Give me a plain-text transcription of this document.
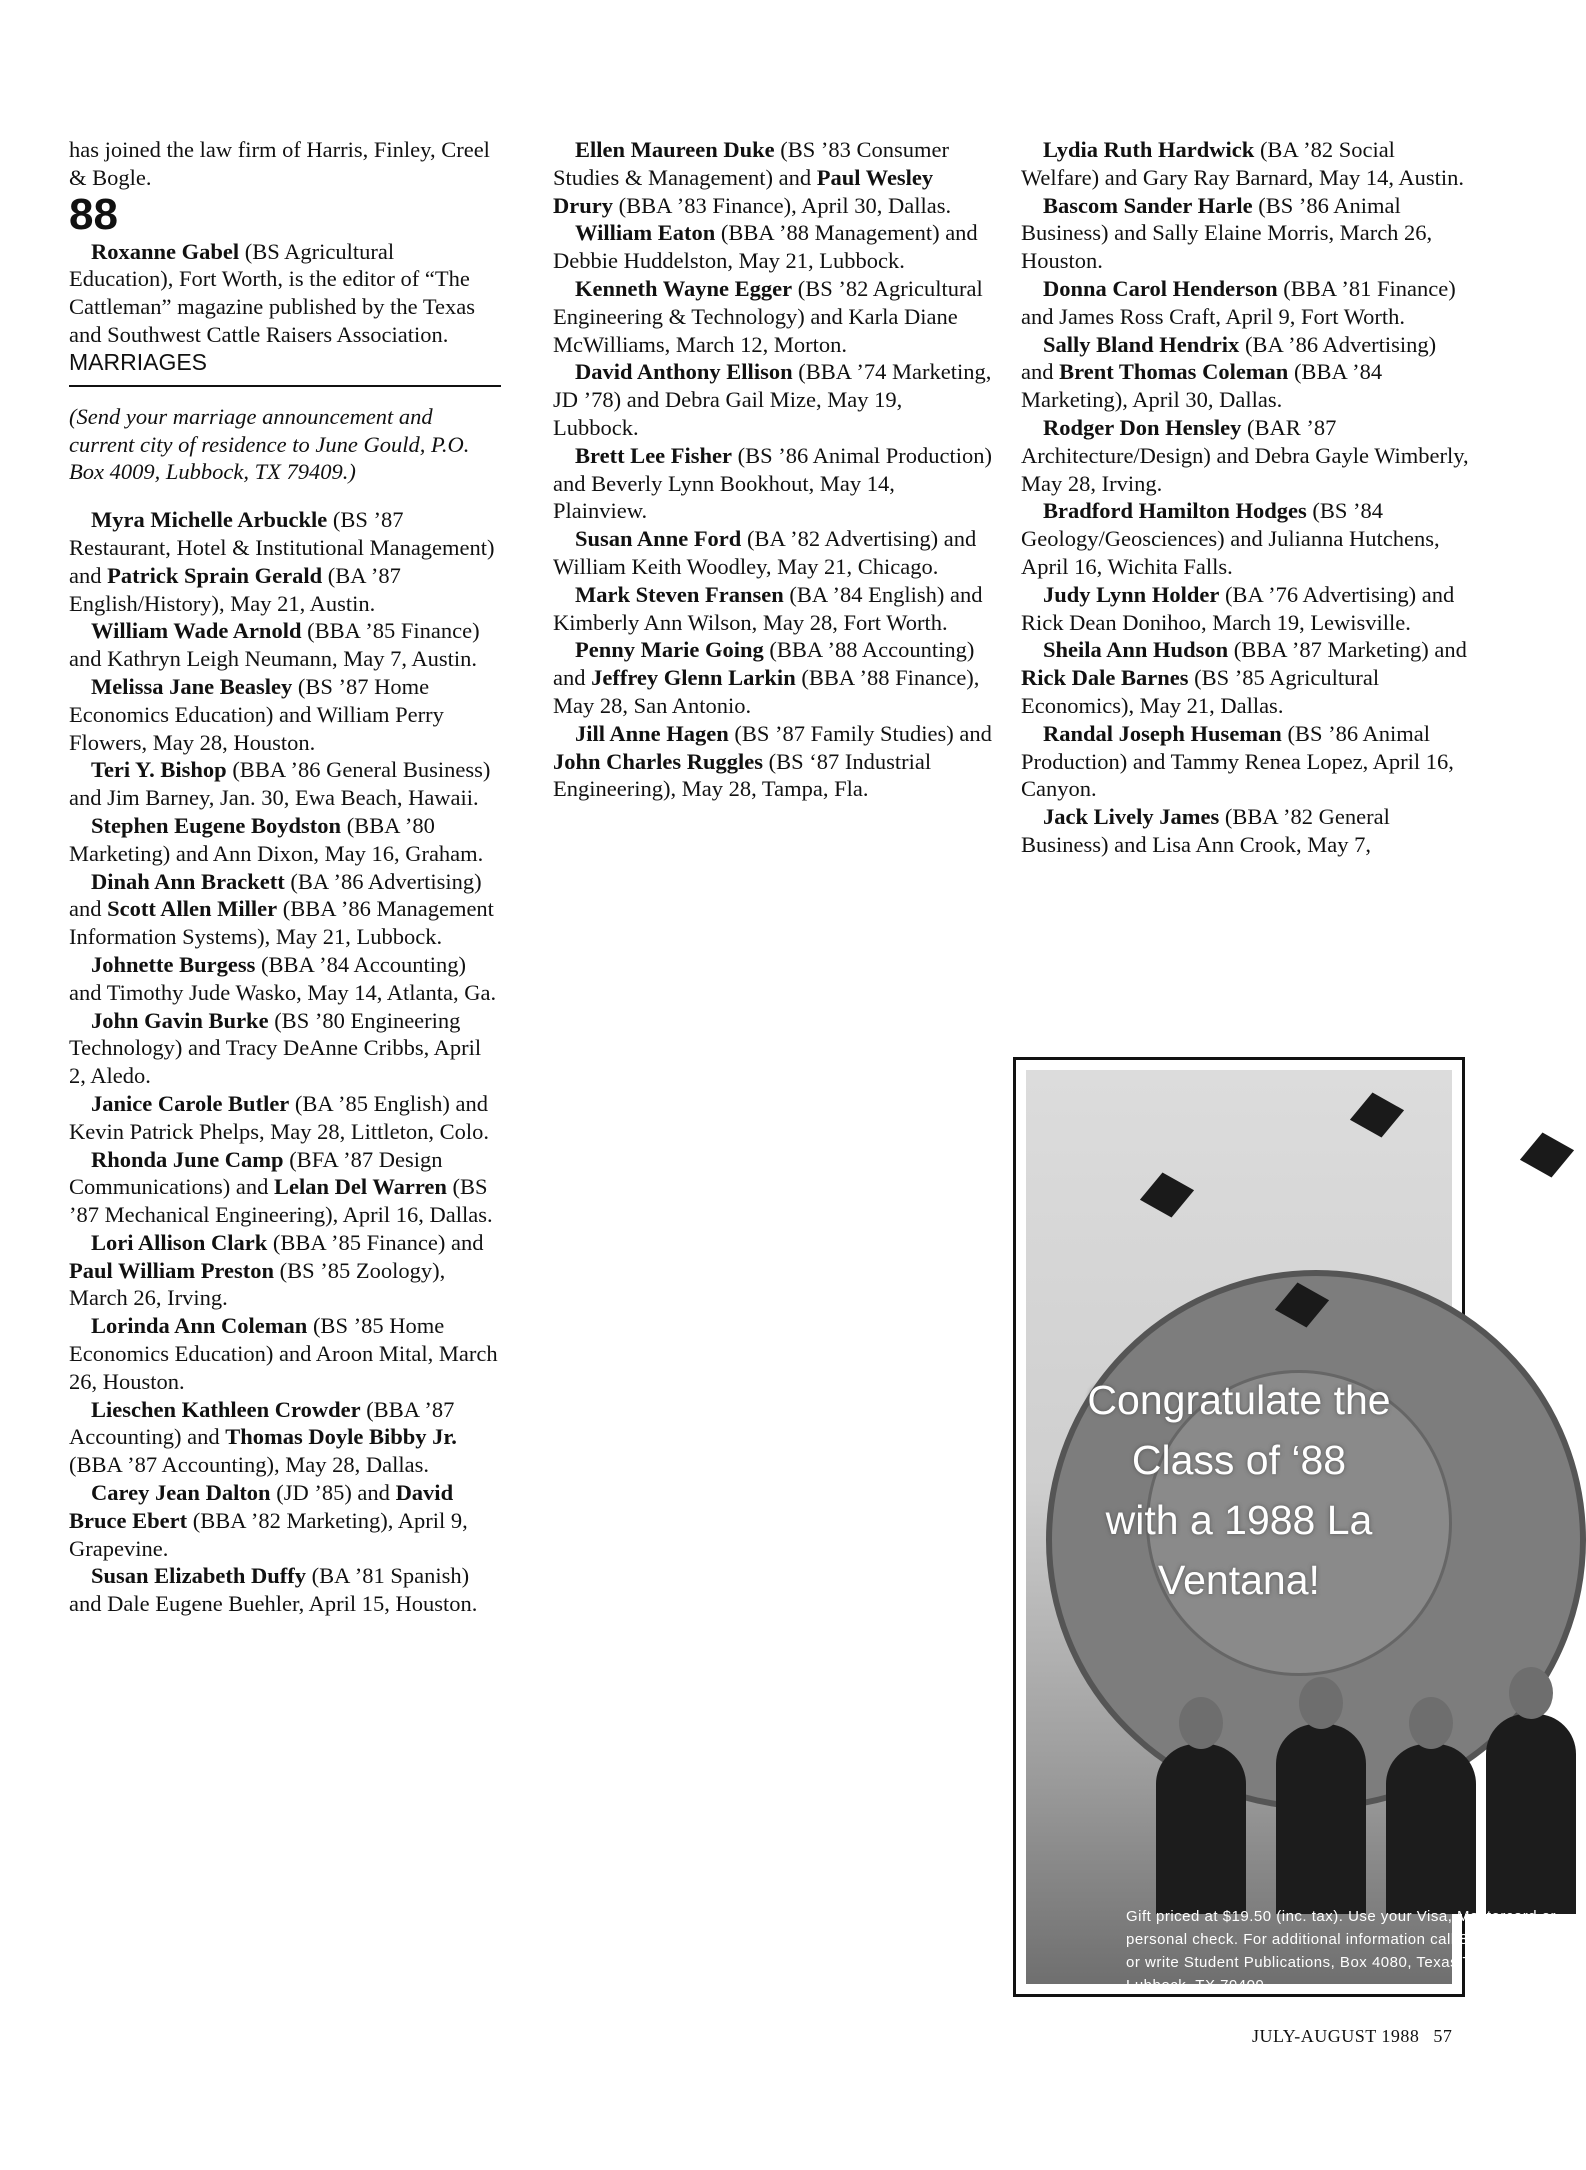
has joined the law firm of Harris, Finley, Creel & Bogle.

88

Roxanne Gabel (BS Agricultural Education), Fort Worth, is the editor of “The Cattleman” magazine published by the Texas and Southwest Cattle Raisers Association.

MARRIAGES

(Send your marriage announcement and current city of residence to June Gould, P.O. Box 4009, Lubbock, TX 79409.)

Myra Michelle Arbuckle (BS ’87 Restaurant, Hotel & Institutional Management) and Patrick Sprain Gerald (BA ’87 English/History), May 21, Austin.

William Wade Arnold (BBA ’85 Finance) and Kathryn Leigh Neumann, May 7, Austin.

Melissa Jane Beasley (BS ’87 Home Economics Education) and William Perry Flowers, May 28, Houston.

Teri Y. Bishop (BBA ’86 General Business) and Jim Barney, Jan. 30, Ewa Beach, Hawaii.

Stephen Eugene Boydston (BBA ’80 Marketing) and Ann Dixon, May 16, Graham.

Dinah Ann Brackett (BA ’86 Advertising) and Scott Allen Miller (BBA ’86 Management Information Systems), May 21, Lubbock.

Johnette Burgess (BBA ’84 Accounting) and Timothy Jude Wasko, May 14, Atlanta, Ga.

John Gavin Burke (BS ’80 Engineering Technology) and Tracy DeAnne Cribbs, April 2, Aledo.

Janice Carole Butler (BA ’85 English) and Kevin Patrick Phelps, May 28, Littleton, Colo.

Rhonda June Camp (BFA ’87 Design Communications) and Lelan Del Warren (BS ’87 Mechanical Engineering), April 16, Dallas.

Lori Allison Clark (BBA ’85 Finance) and Paul William Preston (BS ’85 Zoology), March 26, Irving.

Lorinda Ann Coleman (BS ’85 Home Economics Education) and Aroon Mital, March 26, Houston.

Lieschen Kathleen Crowder (BBA ’87 Accounting) and Thomas Doyle Bibby Jr. (BBA ’87 Accounting), May 28, Dallas.

Carey Jean Dalton (JD ’85) and David Bruce Ebert (BBA ’82 Marketing), April 9, Grapevine.

Susan Elizabeth Duffy (BA ’81 Spanish) and Dale Eugene Buehler, April 15, Houston.

Ellen Maureen Duke (BS ’83 Consumer Studies & Management) and Paul Wesley Drury (BBA ’83 Finance), April 30, Dallas.

William Eaton (BBA ’88 Management) and Debbie Huddelston, May 21, Lubbock.

Kenneth Wayne Egger (BS ’82 Agricultural Engineering & Technology) and Karla Diane McWilliams, March 12, Morton.

David Anthony Ellison (BBA ’74 Marketing, JD ’78) and Debra Gail Mize, May 19, Lubbock.

Brett Lee Fisher (BS ’86 Animal Production) and Beverly Lynn Bookhout, May 14, Plainview.

Susan Anne Ford (BA ’82 Advertising) and William Keith Woodley, May 21, Chicago.

Mark Steven Fransen (BA ’84 English) and Kimberly Ann Wilson, May 28, Fort Worth.

Penny Marie Going (BBA ’88 Accounting) and Jeffrey Glenn Larkin (BBA ’88 Finance), May 28, San Antonio.

Jill Anne Hagen (BS ’87 Family Studies) and John Charles Ruggles (BS ‘87 Industrial Engineering), May 28, Tampa, Fla.

Lydia Ruth Hardwick (BA ’82 Social Welfare) and Gary Ray Barnard, May 14, Austin.

Bascom Sander Harle (BS ’86 Animal Business) and Sally Elaine Morris, March 26, Houston.

Donna Carol Henderson (BBA ’81 Finance) and James Ross Craft, April 9, Fort Worth.

Sally Bland Hendrix (BA ’86 Advertising) and Brent Thomas Coleman (BBA ’84 Marketing), April 30, Dallas.

Rodger Don Hensley (BAR ’87 Architecture/Design) and Debra Gayle Wimberly, May 28, Irving.

Bradford Hamilton Hodges (BS ’84 Geology/Geosciences) and Julianna Hutchens, April 16, Wichita Falls.

Judy Lynn Holder (BA ’76 Advertising) and Rick Dean Donihoo, March 19, Lewisville.

Sheila Ann Hudson (BBA ’87 Marketing) and Rick Dale Barnes (BS ’85 Agricultural Economics), May 21, Dallas.

Randal Joseph Huseman (BS ’86 Animal Production) and Tammy Renea Lopez, April 16, Canyon.

Jack Lively James (BBA ’82 General Business) and Lisa Ann Crook, May 7,

Congratulate the
Class of ‘88
with a 1988 La Ventana!
Gift priced at $19.50 (inc. tax). Use your Visa, Mastercard or personal check. For additional information call 806-742-3388 or write Student Publications, Box 4080, Texas Tech, Lubbock, TX 79409.
JULY-AUGUST 1988 57
